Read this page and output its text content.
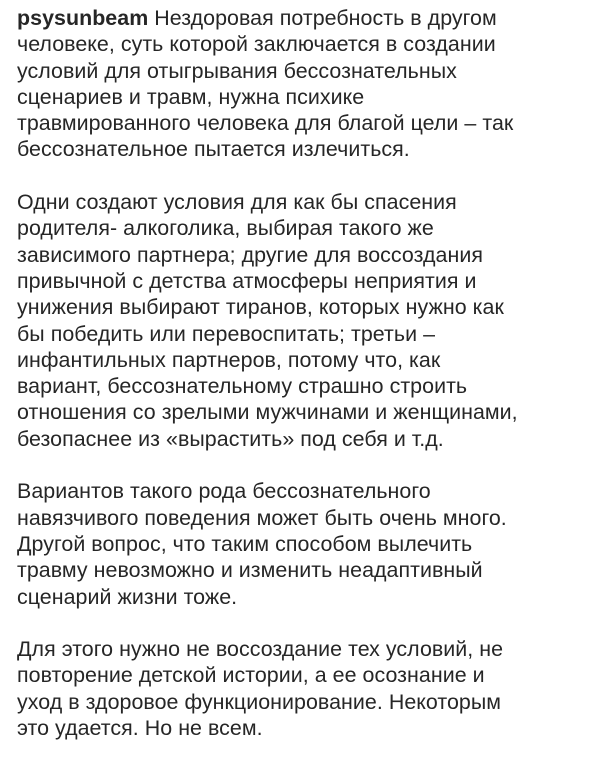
psysunbeam Нездоровая потребность в другом
человеке, суть которой заключается в создании
условий для отыгрывания бессознательных
сценариев и травм, нужна психике
травмированного человека для благой цели – так
бессознательное пытается излечиться.
Одни создают условия для как бы спасения
родителя- алкоголика, выбирая такого же
зависимого партнера; другие для воссоздания
привычной с детства атмосферы неприятия и
унижения выбирают тиранов, которых нужно как
бы победить или перевоспитать; третьи –
инфантильных партнеров, потому что, как
вариант, бессознательному страшно строить
отношения со зрелыми мужчинами и женщинами,
безопаснее из «вырастить» под себя и т.д.
Вариантов такого рода бессознательного
навязчивого поведения может быть очень много.
Другой вопрос, что таким способом вылечить
травму невозможно и изменить неадаптивный
сценарий жизни тоже.
Для этого нужно не воссоздание тех условий, не
повторение детской истории, а ее осознание и
уход в здоровое функционирование. Некоторым
это удается. Но не всем.
